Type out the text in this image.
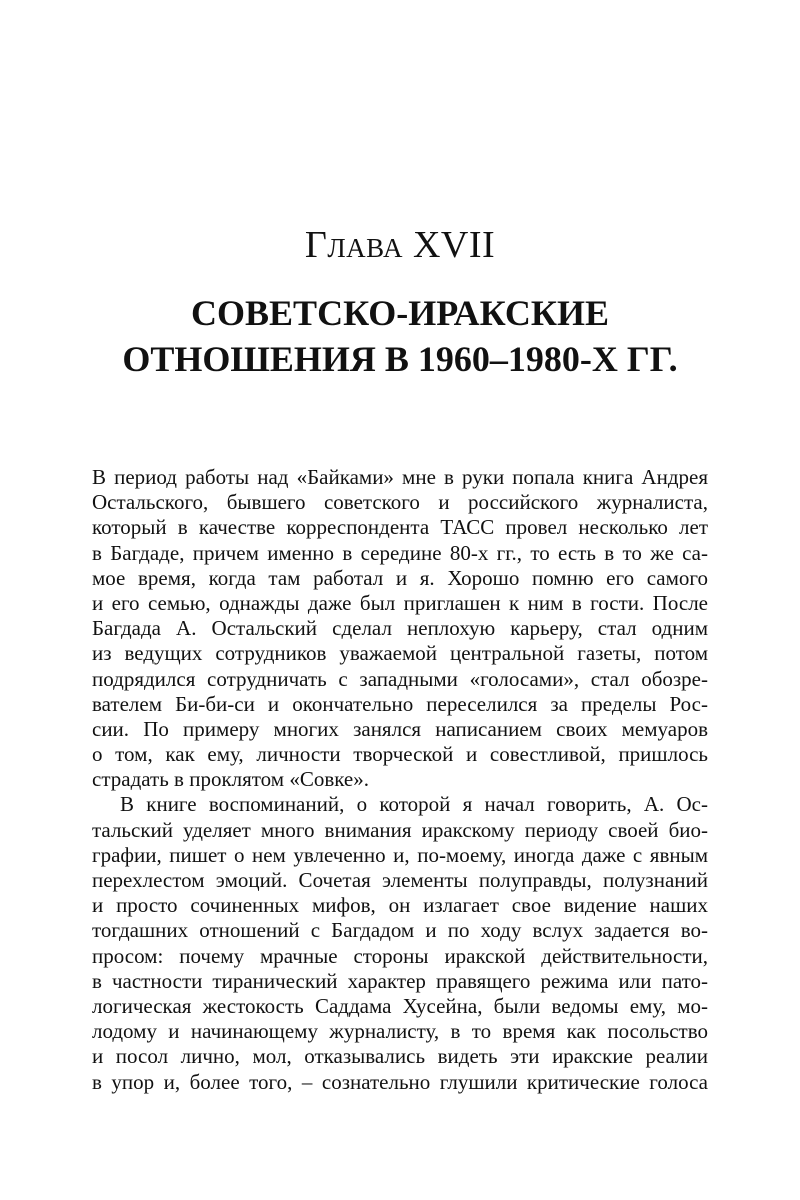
Глава XVII
СОВЕТСКО-ИРАКСКИЕ
ОТНОШЕНИЯ В 1960–1980-Х ГГ.
В период работы над «Байками» мне в руки попала книга Андрея
Остальского, бывшего советского и российского журналиста,
который в качестве корреспондента ТАСС провел несколько лет
в Багдаде, причем именно в середине 80-х гг., то есть в то же са-
мое время, когда там работал и я. Хорошо помню его самого
и его семью, однажды даже был приглашен к ним в гости. После
Багдада А. Остальский сделал неплохую карьеру, стал одним
из ведущих сотрудников уважаемой центральной газеты, потом
подрядился сотрудничать с западными «голосами», стал обозре-
вателем Би-би-си и окончательно переселился за пределы Рос-
сии. По примеру многих занялся написанием своих мемуаров
о том, как ему, личности творческой и совестливой, пришлось
страдать в проклятом «Совке».
В книге воспоминаний, о которой я начал говорить, А. Ос-
тальский уделяет много внимания иракскому периоду своей био-
графии, пишет о нем увлеченно и, по-моему, иногда даже с явным
перехлестом эмоций. Сочетая элементы полуправды, полузнаний
и просто сочиненных мифов, он излагает свое видение наших
тогдашних отношений с Багдадом и по ходу вслух задается во-
просом: почему мрачные стороны иракской действительности,
в частности тиранический характер правящего режима или пато-
логическая жестокость Саддама Хусейна, были ведомы ему, мо-
лодому и начинающему журналисту, в то время как посольство
и посол лично, мол, отказывались видеть эти иракские реалии
в упор и, более того, – сознательно глушили критические голоса
